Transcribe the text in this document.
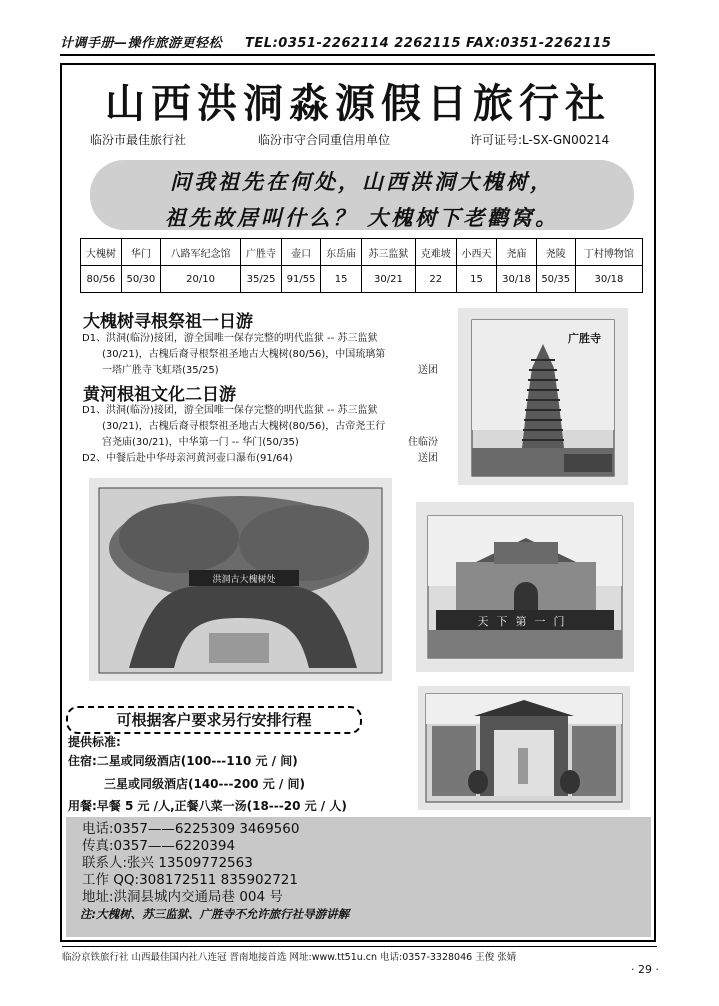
计调手册—操作旅游更轻松 TEL:0351-2262114 2262115 FAX:0351-2262115
山西洪洞淼源假日旅行社
临汾市最佳旅行社	临汾市守合同重信用单位	许可证号:L-SX-GN00214
问我祖先在何处，山西洪洞大槐树，
祖先故居叫什么？ 大槐树下老鹳窝。
大槐树	华门	八路军纪念馆	广胜寺	壶口	东岳庙	苏三监狱	克难坡	小西天	尧庙	尧陵	丁村博物馆
80/56	50/30	20/10	35/25	91/55	15	30/21	22	15	30/18	50/35	30/18
大槐树寻根祭祖一日游
D1、洪洞(临汾)接团，游全国唯一保存完整的明代监狱 -- 苏三监狱
(30/21)，古槐后裔寻根祭祖圣地古大槐树(80/56)，中国琉璃第
一塔广胜寺飞虹塔(35/25)	送团
黄河根祖文化二日游
D1、洪洞(临汾)接团，游全国唯一保存完整的明代监狱 -- 苏三监狱
(30/21)，古槐后裔寻根祭祖圣地古大槐树(80/56)，古帝尧王行
宫尧庙(30/21)，中华第一门 -- 华门(50/35)	住临汾
D2、中餐后赴中华母亲河黄河壶口瀑布(91/64)	送团
广胜寺
洪洞古大槐树处
天下第一门
可根据客户要求另行安排行程
提供标准:
住宿:二星或同级酒店(100---110 元 / 间)
三星或同级酒店(140---200 元 / 间)
用餐:早餐 5 元 /人,正餐八菜一汤(18---20 元 / 人)
电话:0357——6225309 3469560
传真:0357——6220394
联系人:张兴 13509772563
工作 QQ:308172511 835902721
地址:洪洞县城内交通局巷 004 号
注:大槐树、苏三监狱、广胜寺不允许旅行社导游讲解
临汾京铁旅行社 山西最佳国内社八连冠 晋南地接首选 网址:www.tt51u.cn 电话:0357-3328046 王俊 张婧
· 29 ·
